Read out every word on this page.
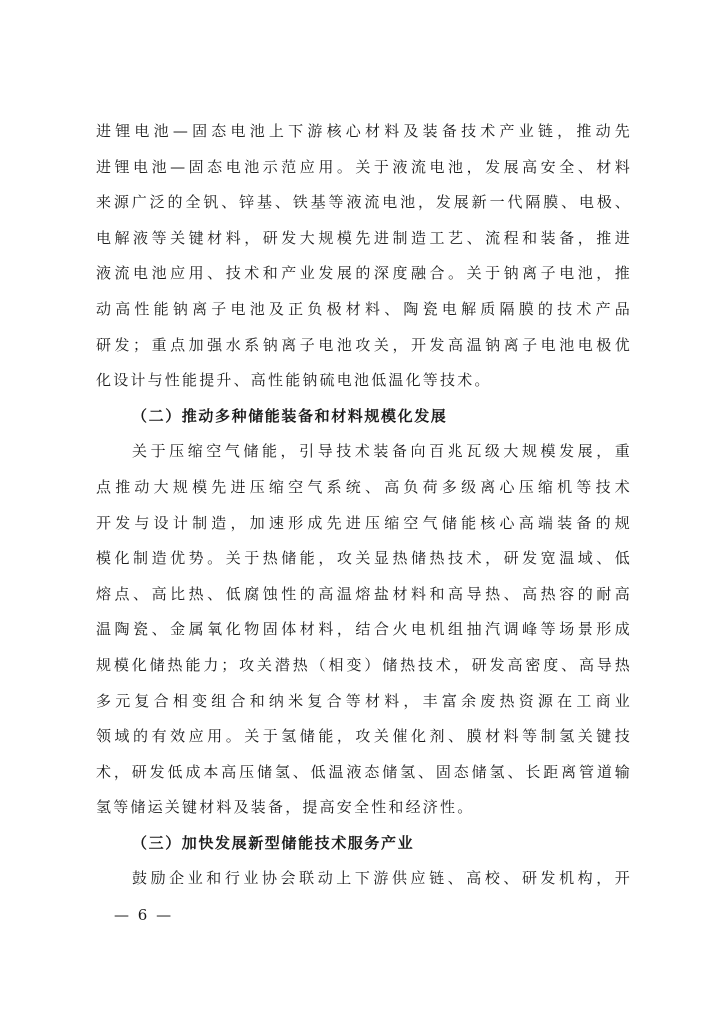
进锂电池—固态电池上下游核心材料及装备技术产业链，推动先
进锂电池—固态电池示范应用。关于液流电池，发展高安全、材料
来源广泛的全钒、锌基、铁基等液流电池，发展新一代隔膜、电极、
电解液等关键材料，研发大规模先进制造工艺、流程和装备，推进
液流电池应用、技术和产业发展的深度融合。关于钠离子电池，推
动高性能钠离子电池及正负极材料、陶瓷电解质隔膜的技术产品
研发；重点加强水系钠离子电池攻关，开发高温钠离子电池电极优
化设计与性能提升、高性能钠硫电池低温化等技术。
（二）推动多种储能装备和材料规模化发展
关于压缩空气储能，引导技术装备向百兆瓦级大规模发展，重
点推动大规模先进压缩空气系统、高负荷多级离心压缩机等技术
开发与设计制造，加速形成先进压缩空气储能核心高端装备的规
模化制造优势。关于热储能，攻关显热储热技术，研发宽温域、低
熔点、高比热、低腐蚀性的高温熔盐材料和高导热、高热容的耐高
温陶瓷、金属氧化物固体材料，结合火电机组抽汽调峰等场景形成
规模化储热能力；攻关潜热（相变）储热技术，研发高密度、高导热
多元复合相变组合和纳米复合等材料，丰富余废热资源在工商业
领域的有效应用。关于氢储能，攻关催化剂、膜材料等制氢关键技
术，研发低成本高压储氢、低温液态储氢、固态储氢、长距离管道输
氢等储运关键材料及装备，提高安全性和经济性。
（三）加快发展新型储能技术服务产业
鼓励企业和行业协会联动上下游供应链、高校、研发机构，开
— 6 —
